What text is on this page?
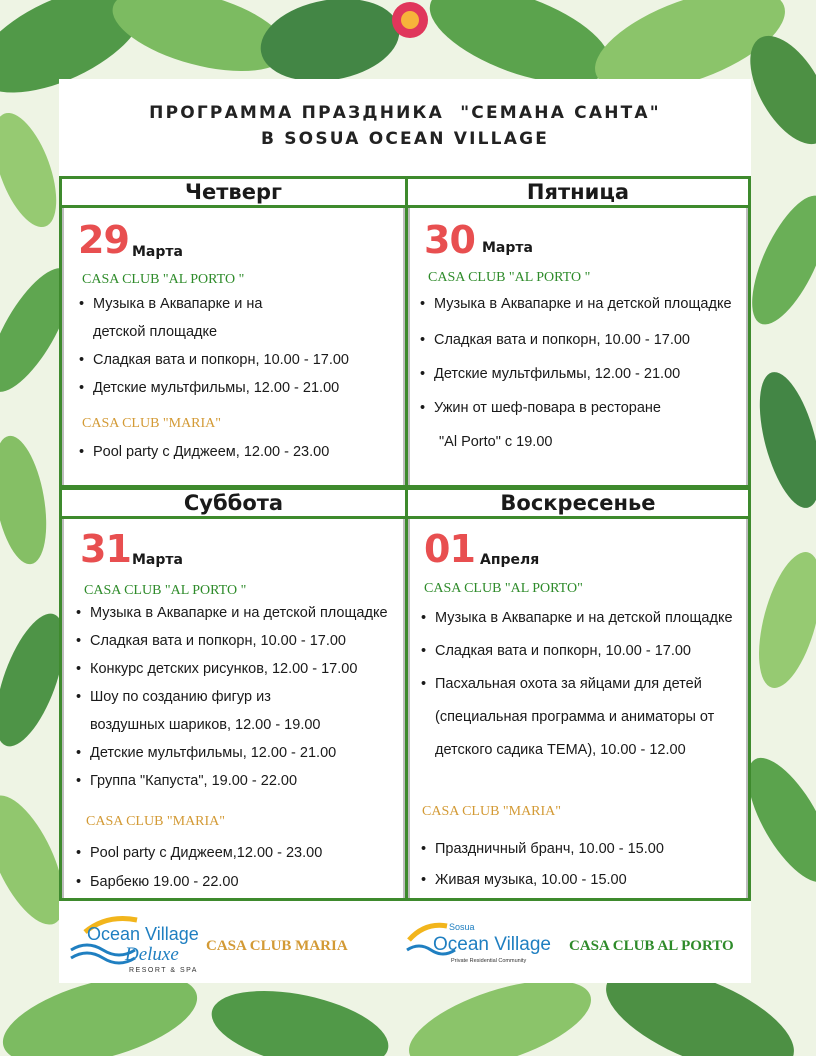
ПРОГРАММА ПРАЗДНИКА  "СЕМАНА САНТА"
В SOSUA OCEAN VILLAGE
Четверг
29 Марта
CASA CLUB "AL PORTO "
• Музыка в Аквапарке и на
детской площадке
• Сладкая вата и попкорн, 10.00 - 17.00
• Детские мультфильмы, 12.00 - 21.00
CASA CLUB "MARIA"
• Pool party с Диджеем, 12.00 - 23.00
Пятница
30 Марта
CASA CLUB "AL PORTO "
• Музыка в Аквапарке и на детской площадке
• Сладкая вата и попкорн, 10.00 - 17.00
• Детские мультфильмы, 12.00 - 21.00
• Ужин от шеф-повара в ресторане
"Al Porto" с 19.00
Суббота
31 Марта
CASA CLUB "AL PORTO "
• Музыка в Аквапарке и на детской площадке
• Сладкая вата и попкорн, 10.00 - 17.00
• Конкурс детских рисунков, 12.00 - 17.00
• Шоу по созданию фигур из
воздушных шариков, 12.00 - 19.00
• Детские мультфильмы, 12.00 - 21.00
• Группа "Капуста", 19.00 - 22.00
CASA CLUB "MARIA"
• Pool party с Диджеем,12.00 - 23.00
• Барбекю 19.00 - 22.00
Воскресенье
01 Апреля
CASA CLUB "AL PORTO"
• Музыка в Аквапарке и на детской площадке
• Сладкая вата и попкорн, 10.00 - 17.00
• Пасхальная охота за яйцами для детей
(специальная программа и аниматоры от
детского садика ТЕМА), 10.00 - 12.00
CASA CLUB "MARIA"
• Праздничный бранч, 10.00 - 15.00
• Живая музыка, 10.00 - 15.00
Ocean Village
Deluxe
RESORT & SPA
CASA CLUB MARIA
Sosua
Ocean Village
Private Residential Community
CASA CLUB AL PORTO
